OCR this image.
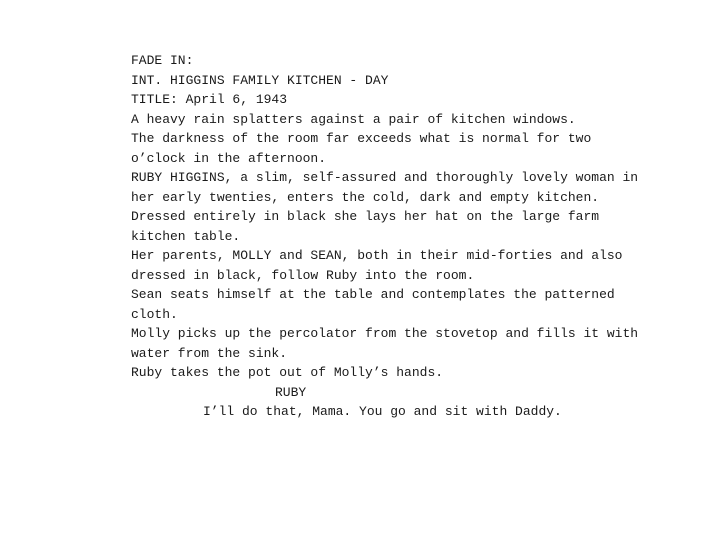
FADE IN:
INT. HIGGINS FAMILY KITCHEN - DAY
TITLE: April 6, 1943
A heavy rain splatters against a pair of kitchen windows.
The darkness of the room far exceeds what is normal for two
o’clock in the afternoon.
RUBY HIGGINS, a slim, self-assured and thoroughly lovely woman in
her early twenties, enters the cold, dark and empty kitchen.
Dressed entirely in black she lays her hat on the large farm
kitchen table.
Her parents, MOLLY and SEAN, both in their mid-forties and also
dressed in black, follow Ruby into the room.
Sean seats himself at the table and contemplates the patterned
cloth.
Molly picks up the percolator from the stovetop and fills it with
water from the sink.
Ruby takes the pot out of Molly’s hands.
RUBY
I’ll do that, Mama. You go and sit with Daddy.
